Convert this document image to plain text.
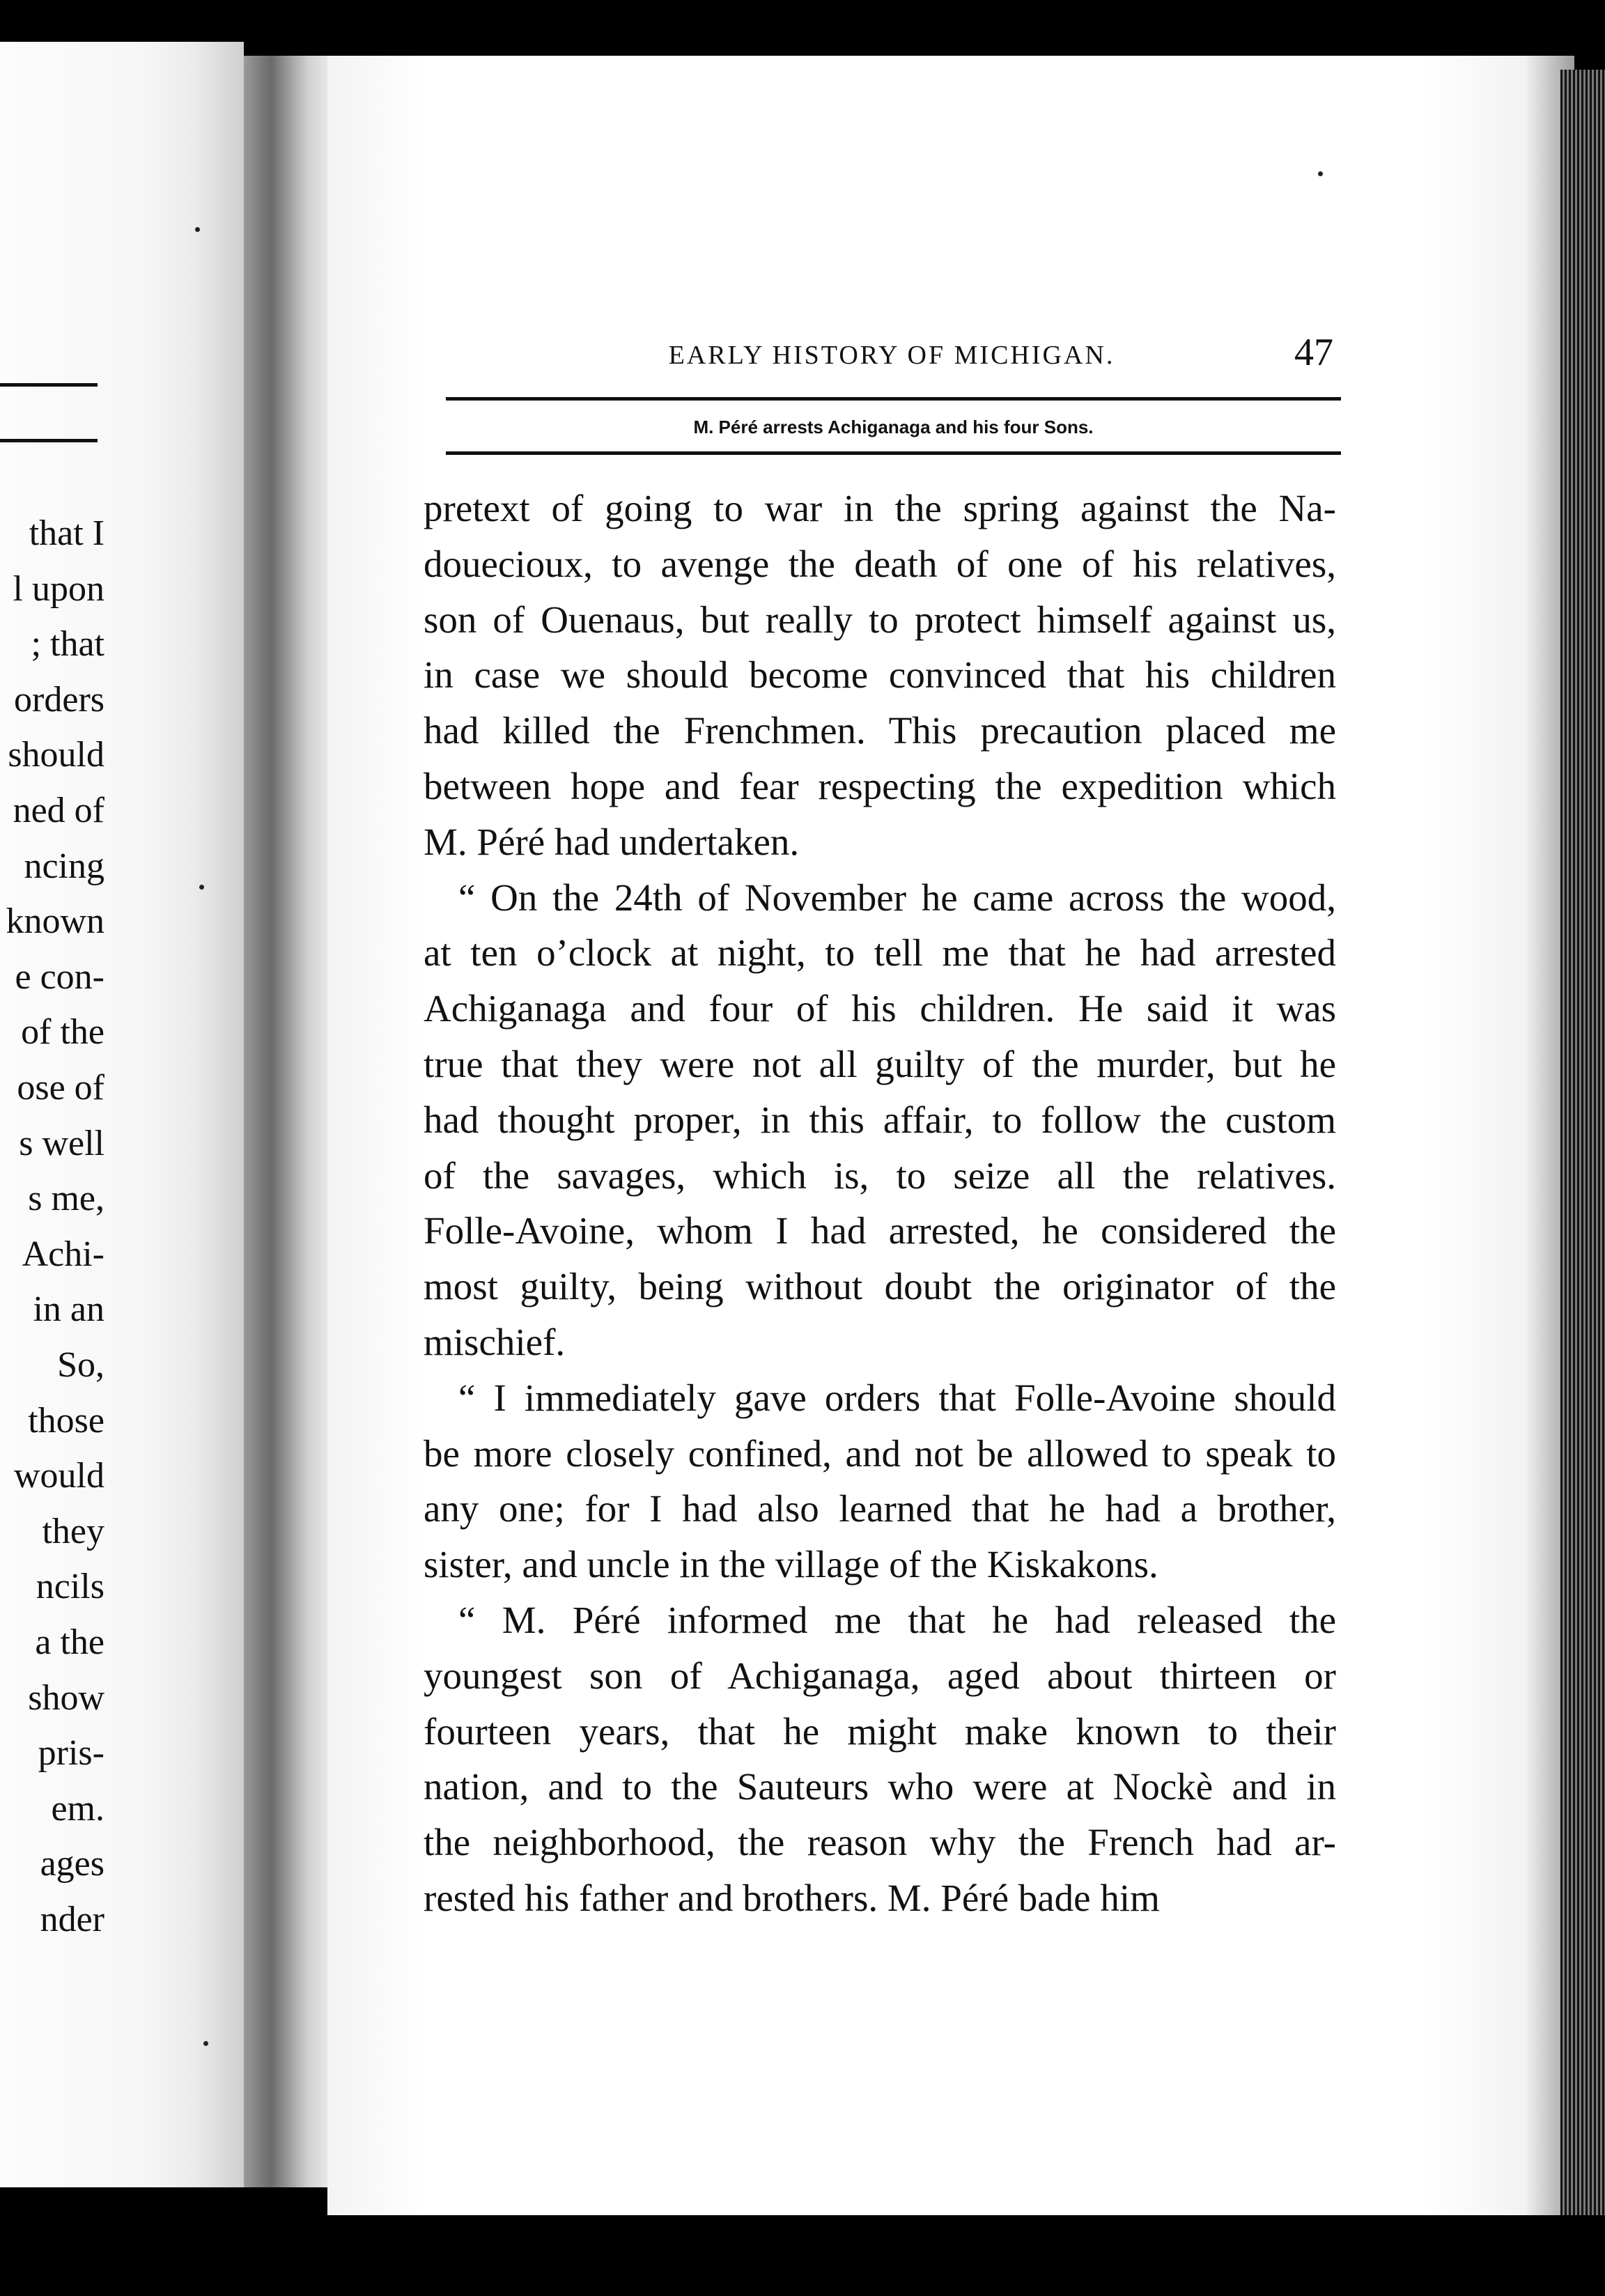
that I
l upon
; that
orders
should
ned of
ncing
known
e con-
of the
ose of
s well
s me,
Achi-
in an
So,
those
would
they
ncils
a the
show
pris-
em.
ages
nder
EARLY HISTORY OF MICHIGAN.	47
M. Péré arrests Achiganaga and his four Sons.
pretext of going to war in the spring against the Na-
douecioux, to avenge the death of one of his relatives,
son of Ouenaus, but really to protect himself against us,
in case we should become convinced that his children
had killed the Frenchmen. This precaution placed me
between hope and fear respecting the expedition which
M. Péré had undertaken.
“ On the 24th of November he came across the wood,
at ten o’clock at night, to tell me that he had arrested
Achiganaga and four of his children. He said it was
true that they were not all guilty of the murder, but he
had thought proper, in this affair, to follow the custom
of the savages, which is, to seize all the relatives.
Folle-Avoine, whom I had arrested, he considered the
most guilty, being without doubt the originator of the
mischief.
“ I immediately gave orders that Folle-Avoine should
be more closely confined, and not be allowed to speak to
any one; for I had also learned that he had a brother,
sister, and uncle in the village of the Kiskakons.
“ M. Péré informed me that he had released the
youngest son of Achiganaga, aged about thirteen or
fourteen years, that he might make known to their
nation, and to the Sauteurs who were at Nockè and in
the neighborhood, the reason why the French had ar-
rested his father and brothers. M. Péré bade him
